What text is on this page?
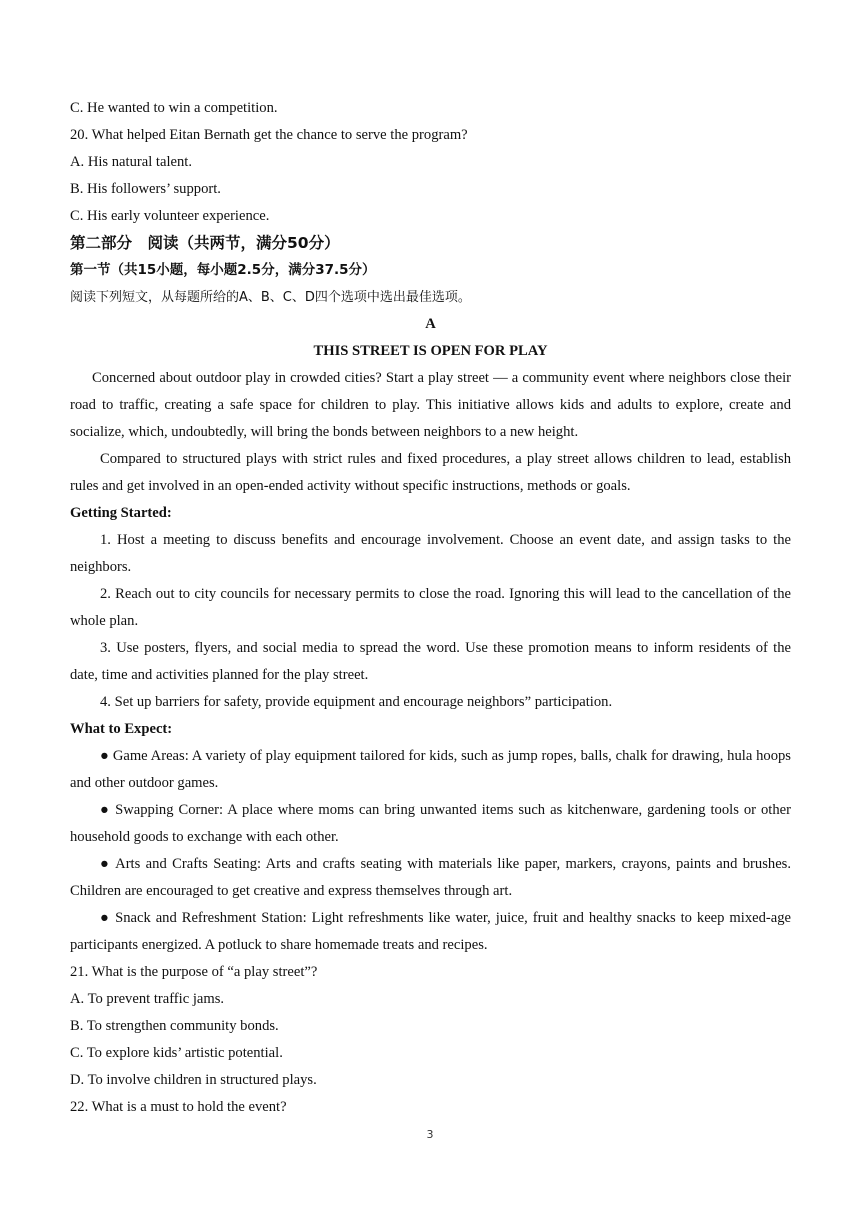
C. He wanted to win a competition.
20. What helped Eitan Bernath get the chance to serve the program?
A. His natural talent.
B. His followers’ support.
C. His early volunteer experience.
第二部分　阅读（共两节，满分50分）
第一节（共15小题，每小题2.5分，满分37.5分）
阅读下列短文，从每题所给的A、B、C、D四个选项中选出最佳选项。
A
THIS STREET IS OPEN FOR PLAY
Concerned about outdoor play in crowded cities? Start a play street — a community event where neighbors close their road to traffic, creating a safe space for children to play. This initiative allows kids and adults to explore, create and socialize, which, undoubtedly, will bring the bonds between neighbors to a new height.
Compared to structured plays with strict rules and fixed procedures, a play street allows children to lead, establish rules and get involved in an open-ended activity without specific instructions, methods or goals.
Getting Started:
1. Host a meeting to discuss benefits and encourage involvement. Choose an event date, and assign tasks to the neighbors.
2. Reach out to city councils for necessary permits to close the road. Ignoring this will lead to the cancellation of the whole plan.
3. Use posters, flyers, and social media to spread the word. Use these promotion means to inform residents of the date, time and activities planned for the play street.
4. Set up barriers for safety, provide equipment and encourage neighbors” participation.
What to Expect:
● Game Areas: A variety of play equipment tailored for kids, such as jump ropes, balls, chalk for drawing, hula hoops and other outdoor games.
● Swapping Corner: A place where moms can bring unwanted items such as kitchenware, gardening tools or other household goods to exchange with each other.
● Arts and Crafts Seating: Arts and crafts seating with materials like paper, markers, crayons, paints and brushes. Children are encouraged to get creative and express themselves through art.
● Snack and Refreshment Station: Light refreshments like water, juice, fruit and healthy snacks to keep mixed-age participants energized. A potluck to share homemade treats and recipes.
21. What is the purpose of “a play street”?
A. To prevent traffic jams.
B. To strengthen community bonds.
C. To explore kids’ artistic potential.
D. To involve children in structured plays.
22. What is a must to hold the event?
3
